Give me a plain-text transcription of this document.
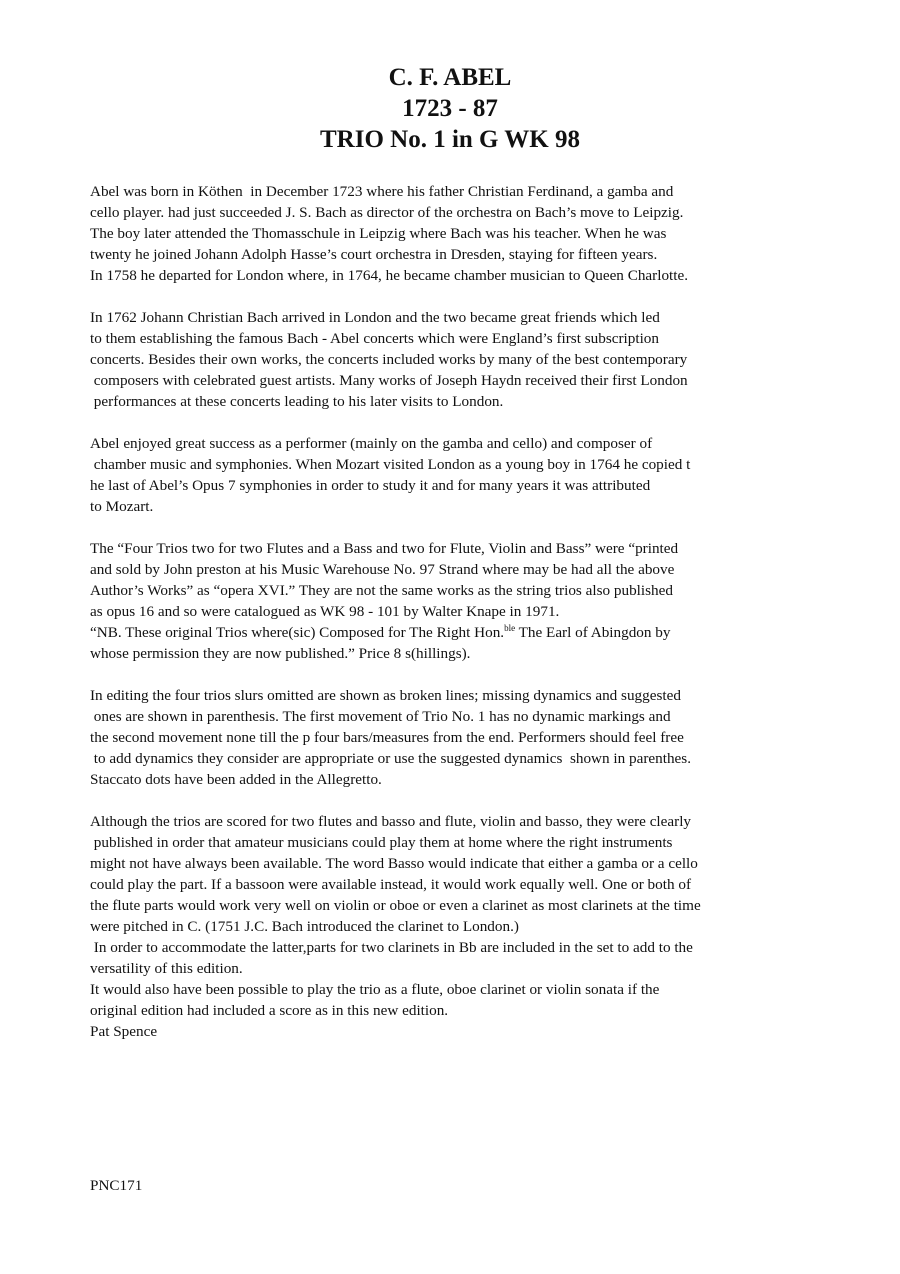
C. F. ABEL
1723 - 87
TRIO No. 1 in G WK 98

Abel was born in Köthen  in December 1723 where his father Christian Ferdinand, a gamba and
cello player. had just succeeded J. S. Bach as director of the orchestra on Bach’s move to Leipzig.
The boy later attended the Thomasschule in Leipzig where Bach was his teacher. When he was
twenty he joined Johann Adolph Hasse’s court orchestra in Dresden, staying for fifteen years.
In 1758 he departed for London where, in 1764, he became chamber musician to Queen Charlotte.

In 1762 Johann Christian Bach arrived in London and the two became great friends which led
to them establishing the famous Bach - Abel concerts which were England’s first subscription
concerts. Besides their own works, the concerts included works by many of the best contemporary
composers with celebrated guest artists. Many works of Joseph Haydn received their first London
performances at these concerts leading to his later visits to London.

Abel enjoyed great success as a performer (mainly on the gamba and cello) and composer of
chamber music and symphonies. When Mozart visited London as a young boy in 1764 he copied t
he last of Abel’s Opus 7 symphonies in order to study it and for many years it was attributed
to Mozart.

The “Four Trios two for two Flutes and a Bass and two for Flute, Violin and Bass” were “printed
and sold by John preston at his Music Warehouse No. 97 Strand where may be had all the above
Author’s Works” as “opera XVI.” They are not the same works as the string trios also published
as opus 16 and so were catalogued as WK 98 - 101 by Walter Knape in 1971.
“NB. These original Trios where(sic) Composed for The Right Hon.$^{ble}$ The Earl of Abingdon by
whose permission they are now published.” Price 8 s(hillings).

In editing the four trios slurs omitted are shown as broken lines; missing dynamics and suggested
ones are shown in parenthesis. The first movement of Trio No. 1 has no dynamic markings and
the second movement none till the p four bars/measures from the end. Performers should feel free
to add dynamics they consider are appropriate or use the suggested dynamics  shown in parenthes.
Staccato dots have been added in the Allegretto.

Although the trios are scored for two flutes and basso and flute, violin and basso, they were clearly
published in order that amateur musicians could play them at home where the right instruments
might not have always been available. The word Basso would indicate that either a gamba or a cello
could play the part. If a bassoon were available instead, it would work equally well. One or both of
the flute parts would work very well on violin or oboe or even a clarinet as most clarinets at the time
were pitched in C. (1751 J.C. Bach introduced the clarinet to London.)
In order to accommodate the latter,parts for two clarinets in Bb are included in the set to add to the
versatility of this edition.
It would also have been possible to play the trio as a flute, oboe clarinet or violin sonata if the
original edition had included a score as in this new edition.
Pat Spence

PNC171
